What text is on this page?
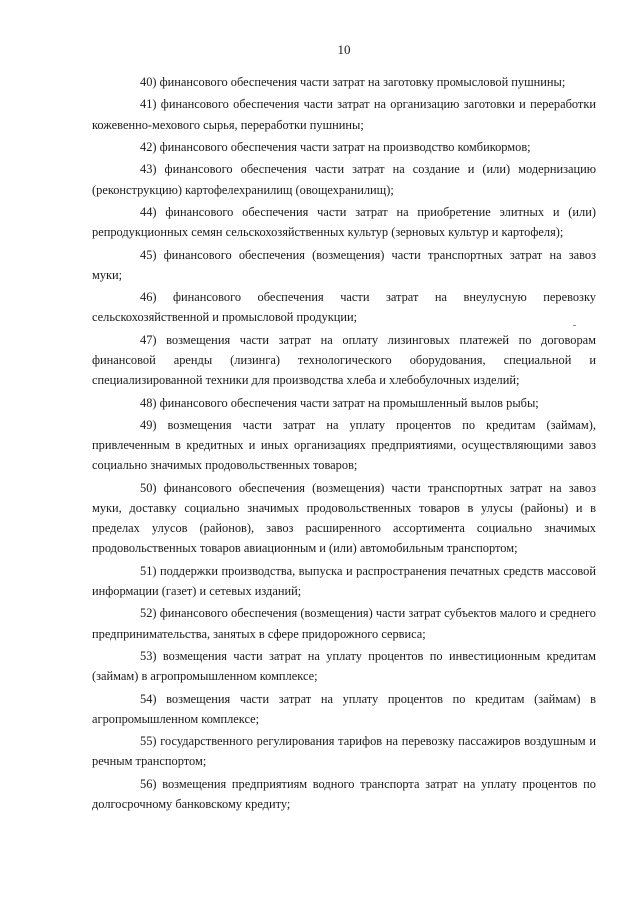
10

40) финансового обеспечения части затрат на заготовку промысловой пушнины;

41) финансового обеспечения части затрат на организацию заготовки и переработки кожевенно-мехового сырья, переработки пушнины;

42) финансового обеспечения части затрат на производство комбикормов;

43) финансового обеспечения части затрат на создание и (или) модернизацию (реконструкцию) картофелехранилищ (овощехранилищ);

44) финансового обеспечения части затрат на приобретение элитных и (или) репродукционных семян сельскохозяйственных культур (зерновых культур и картофеля);

45) финансового обеспечения (возмещения) части транспортных затрат на завоз муки;

46) финансового обеспечения части затрат на внеулусную перевозку сельскохозяйственной и промысловой продукции;

47) возмещения части затрат на оплату лизинговых платежей по договорам финансовой аренды (лизинга) технологического оборудования, специальной и специализированной техники для производства хлеба и хлебобулочных изделий;

48) финансового обеспечения части затрат на промышленный вылов рыбы;

49) возмещения части затрат на уплату процентов по кредитам (займам), привлеченным в кредитных и иных организациях предприятиями, осуществляющими завоз социально значимых продовольственных товаров;

50) финансового обеспечения (возмещения) части транспортных затрат на завоз муки, доставку социально значимых продовольственных товаров в улусы (районы) и в пределах улусов (районов), завоз расширенного ассортимента социально значимых продовольственных товаров авиационным и (или) автомобильным транспортом;

51) поддержки производства, выпуска и распространения печатных средств массовой информации (газет) и сетевых изданий;

52) финансового обеспечения (возмещения) части затрат субъектов малого и среднего предпринимательства, занятых в сфере придорожного сервиса;

53) возмещения части затрат на уплату процентов по инвестиционным кредитам (займам) в агропромышленном комплексе;

54) возмещения части затрат на уплату процентов по кредитам (займам) в агропромышленном комплексе;

55) государственного регулирования тарифов на перевозку пассажиров воздушным и речным транспортом;

56) возмещения предприятиям водного транспорта затрат на уплату процентов по долгосрочному банковскому кредиту;
